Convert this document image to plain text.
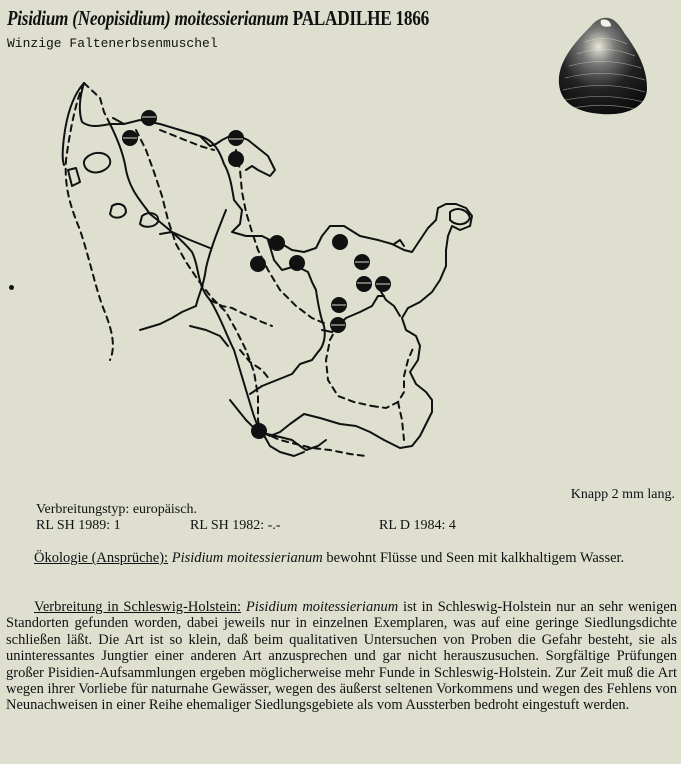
Pisidium (Neopisidium) moitessierianum PALADILHE 1866
Winzige Faltenerbsenmuschel
Knapp 2 mm lang.
Verbreitungstyp: europäisch.
RL SH 1989: 1	RL SH 1982: -.-	RL D 1984: 4
Ökologie (Ansprüche): Pisidium moitessierianum bewohnt Flüsse und Seen mit kalkhaltigem Wasser.
Verbreitung in Schleswig-Holstein: Pisidium moitessierianum ist in Schleswig-Holstein nur an sehr wenigen Standorten gefunden worden, dabei jeweils nur in einzelnen Exemplaren, was auf eine geringe Siedlungsdichte schließen läßt. Die Art ist so klein, daß beim qualitativen Untersuchen von Proben die Gefahr besteht, sie als uninteressantes Jungtier einer anderen Art anzusprechen und gar nicht herauszusuchen. Sorgfältige Prüfungen großer Pisidien-Aufsammlungen ergeben möglicherweise mehr Funde in Schleswig-Holstein. Zur Zeit muß die Art wegen ihrer Vorliebe für naturnahe Gewässer, wegen des äußerst seltenen Vorkommens und wegen des Fehlens von Neunachweisen in einer Reihe ehemaliger Siedlungsgebiete als vom Aussterben bedroht eingestuft werden.
